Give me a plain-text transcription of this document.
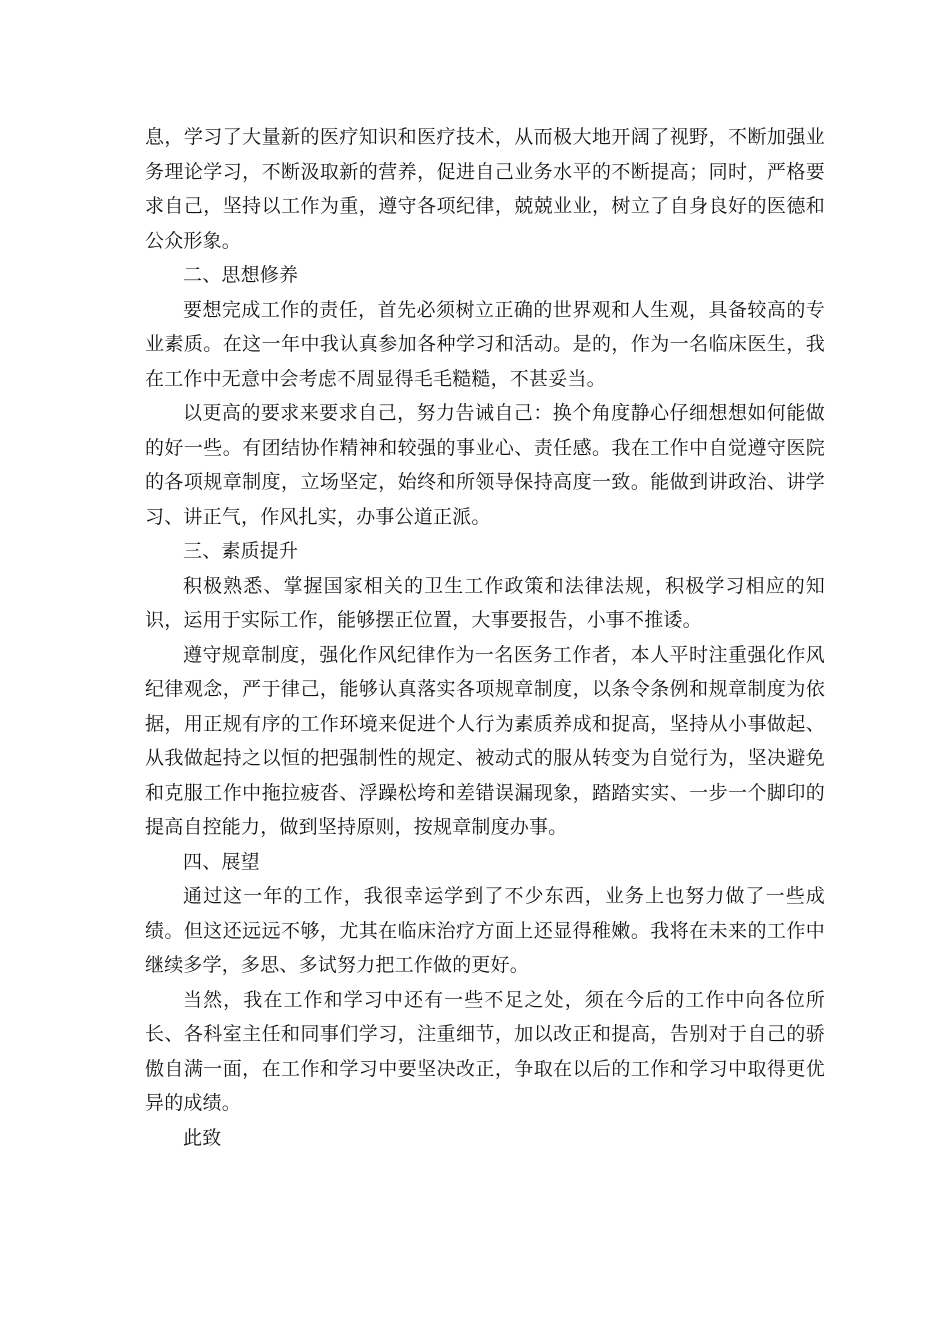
息，学习了大量新的医疗知识和医疗技术，从而极大地开阔了视野，不断加强业务理论学习，不断汲取新的营养，促进自己业务水平的不断提高；同时，严格要求自己，坚持以工作为重，遵守各项纪律，兢兢业业，树立了自身良好的医德和公众形象。

二、思想修养

要想完成工作的责任，首先必须树立正确的世界观和人生观，具备较高的专业素质。在这一年中我认真参加各种学习和活动。是的，作为一名临床医生，我在工作中无意中会考虑不周显得毛毛糙糙，不甚妥当。

以更高的要求来要求自己，努力告诫自己：换个角度静心仔细想想如何能做的好一些。有团结协作精神和较强的事业心、责任感。我在工作中自觉遵守医院的各项规章制度，立场坚定，始终和所领导保持高度一致。能做到讲政治、讲学习、讲正气，作风扎实，办事公道正派。

三、素质提升

积极熟悉、掌握国家相关的卫生工作政策和法律法规，积极学习相应的知识，运用于实际工作，能够摆正位置，大事要报告，小事不推诿。

遵守规章制度，强化作风纪律作为一名医务工作者，本人平时注重强化作风纪律观念，严于律己，能够认真落实各项规章制度，以条令条例和规章制度为依据，用正规有序的工作环境来促进个人行为素质养成和捉高，坚持从小事做起、从我做起持之以恒的把强制性的规定、被动式的服从转变为自觉行为，坚决避免和克服工作中拖拉疲沓、浮躁松垮和差错误漏现象，踏踏实实、一步一个脚印的提高自控能力，做到坚持原则，按规章制度办事。

四、展望

通过这一年的工作，我很幸运学到了不少东西，业务上也努力做了一些成绩。但这还远远不够，尤其在临床治疗方面上还显得稚嫩。我将在未来的工作中继续多学，多思、多试努力把工作做的更好。

当然，我在工作和学习中还有一些不足之处，须在今后的工作中向各位所长、各科室主任和同事们学习，注重细节，加以改正和提高，告别对于自己的骄傲自满一面，在工作和学习中要坚决改正，争取在以后的工作和学习中取得更优异的成绩。

此致
